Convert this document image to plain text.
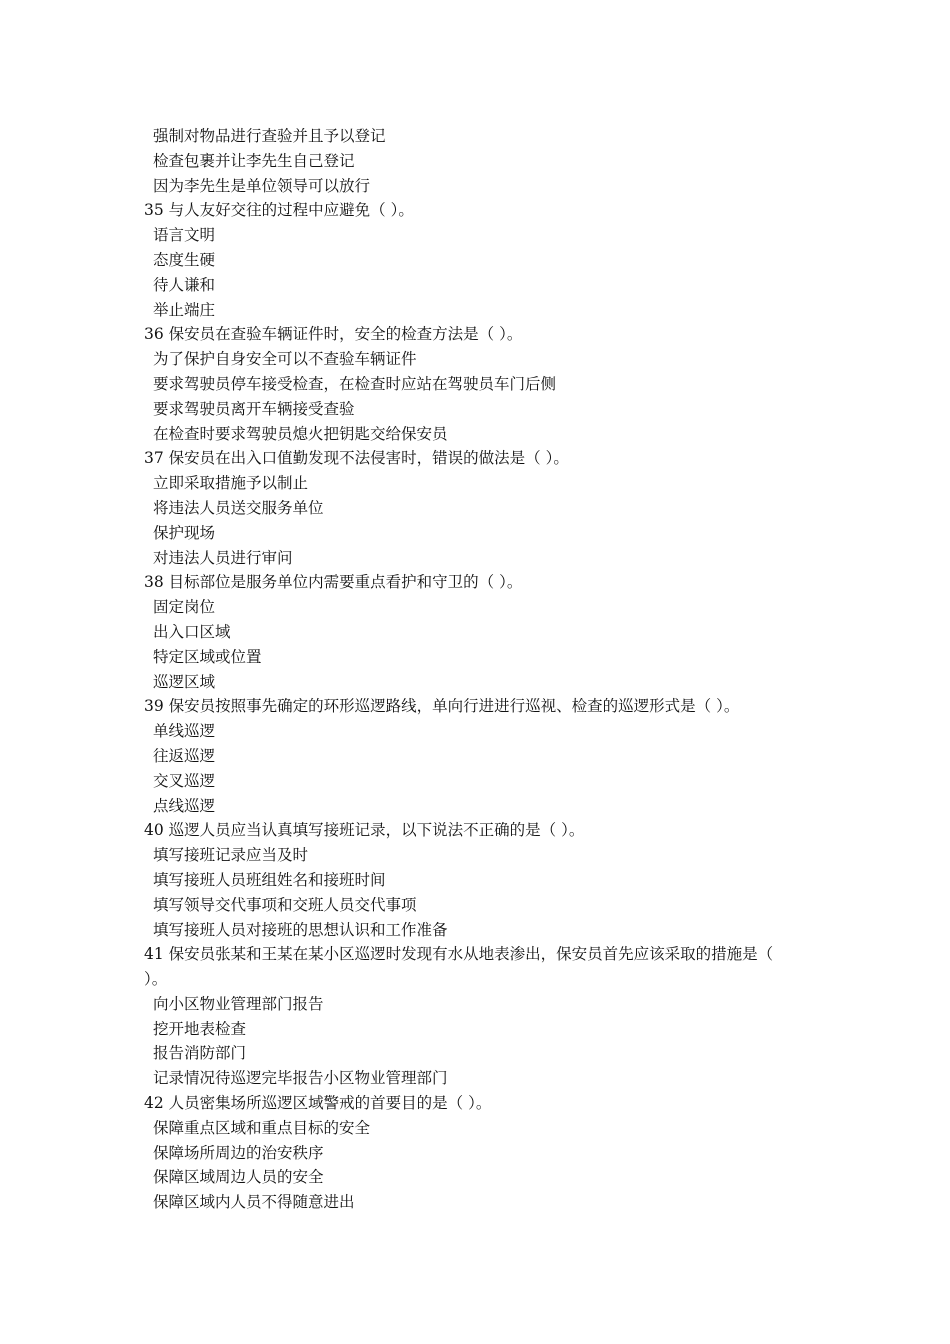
强制对物品进行查验并且予以登记
检查包裹并让李先生自己登记
因为李先生是单位领导可以放行
35 与人友好交往的过程中应避免（ ）。
语言文明
态度生硬
待人谦和
举止端庄
36 保安员在查验车辆证件时，安全的检查方法是（ ）。
为了保护自身安全可以不查验车辆证件
要求驾驶员停车接受检查，在检查时应站在驾驶员车门后侧
要求驾驶员离开车辆接受查验
在检查时要求驾驶员熄火把钥匙交给保安员
37 保安员在出入口值勤发现不法侵害时，错误的做法是（ ）。
立即采取措施予以制止
将违法人员送交服务单位
保护现场
对违法人员进行审问
38 目标部位是服务单位内需要重点看护和守卫的（ ）。
固定岗位
出入口区域
特定区域或位置
巡逻区域
39 保安员按照事先确定的环形巡逻路线，单向行进进行巡视、检查的巡逻形式是（ ）。
单线巡逻
往返巡逻
交叉巡逻
点线巡逻
40 巡逻人员应当认真填写接班记录，以下说法不正确的是（ ）。
填写接班记录应当及时
填写接班人员班组姓名和接班时间
填写领导交代事项和交班人员交代事项
填写接班人员对接班的思想认识和工作准备
41 保安员张某和王某在某小区巡逻时发现有水从地表渗出，保安员首先应该采取的措施是（
）。
向小区物业管理部门报告
挖开地表检查
报告消防部门
记录情况待巡逻完毕报告小区物业管理部门
42 人员密集场所巡逻区域警戒的首要目的是（ ）。
保障重点区域和重点目标的安全
保障场所周边的治安秩序
保障区域周边人员的安全
保障区域内人员不得随意进出
